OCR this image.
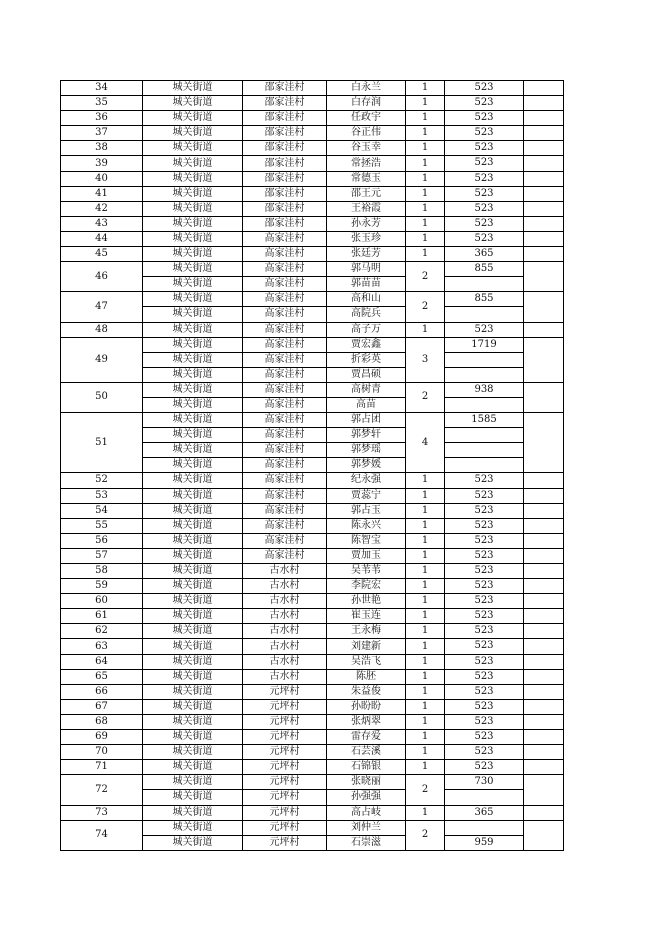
34	城关街道	邵家洼村	白永兰	1	523	
35	城关街道	邵家洼村	白存润	1	523	
36	城关街道	邵家洼村	任政宇	1	523	
37	城关街道	邵家洼村	谷正伟	1	523	
38	城关街道	邵家洼村	谷玉幸	1	523	
39	城关街道	邵家洼村	常拯浩	1	523	
40	城关街道	邵家洼村	常德玉	1	523	
41	城关街道	邵家洼村	邵王元	1	523	
42	城关街道	邵家洼村	王裕霞	1	523	
43	城关街道	邵家洼村	孙永芳	1	523	
44	城关街道	高家洼村	张玉珍	1	523	
45	城关街道	高家洼村	张廷芳	1	365	
46	城关街道	高家洼村	郭马明	2	855	
	城关街道	高家洼村	郭苗苗			
47	城关街道	高家洼村	高和山	2	855	
	城关街道	高家洼村	高院兵			
48	城关街道	高家洼村	高子万	1	523	
49	城关街道	高家洼村	贾宏鑫	3	1719	
	城关街道	高家洼村	折彩英			
	城关街道	高家洼村	贾昌硕			
50	城关街道	高家洼村	高树青	2	938	
	城关街道	高家洼村	高苗			
51	城关街道	高家洼村	郭占团	4	1585	
	城关街道	高家洼村	郭梦轩			
	城关街道	高家洼村	郭梦瑶			
	城关街道	高家洼村	郭梦媛			
52	城关街道	高家洼村	纪永强	1	523	
53	城关街道	高家洼村	贾蕊宁	1	523	
54	城关街道	高家洼村	郭占玉	1	523	
55	城关街道	高家洼村	陈永兴	1	523	
56	城关街道	高家洼村	陈智宝	1	523	
57	城关街道	高家洼村	贾加玉	1	523	
58	城关街道	古水村	吴苇苇	1	523	
59	城关街道	古水村	李院宏	1	523	
60	城关街道	古水村	孙世艳	1	523	
61	城关街道	古水村	崔玉连	1	523	
62	城关街道	古水村	王永梅	1	523	
63	城关街道	古水村	刘建新	1	523	
64	城关街道	古水村	吴浩飞	1	523	
65	城关街道	古水村	陈胚	1	523	
66	城关街道	元坪村	朱益俊	1	523	
67	城关街道	元坪村	孙盼盼	1	523	
68	城关街道	元坪村	张炳翠	1	523	
69	城关街道	元坪村	雷存爱	1	523	
70	城关街道	元坪村	石芸溪	1	523	
71	城关街道	元坪村	石锦银	1	523	
72	城关街道	元坪村	张晓丽	2	730	
	城关街道	元坪村	孙强强			
73	城关街道	元坪村	高占岐	1	365	
74	城关街道	元坪村	刘仲兰	2		
	城关街道	元坪村	石崇滋		959	
